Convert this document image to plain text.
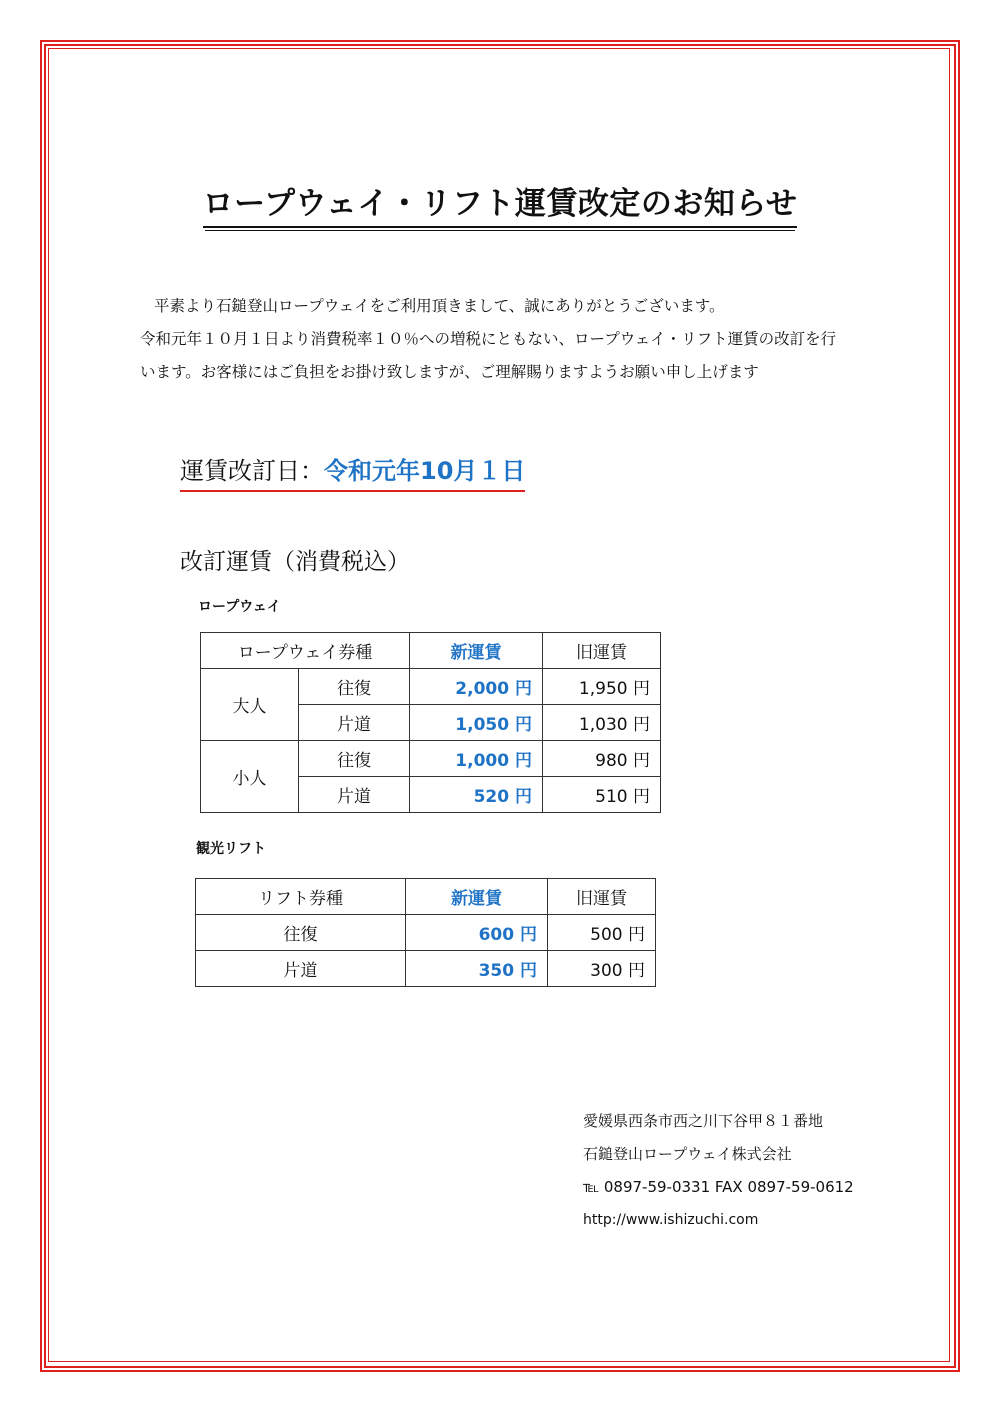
ロープウェイ・リフト運賃改定のお知らせ

平素より石鎚登山ロープウェイをご利用頂きまして、誠にありがとうございます。

令和元年１０月１日より消費税率１０％への増税にともない、ロープウェイ・リフト運賃の改訂を行

います。お客様にはご負担をお掛け致しますが、ご理解賜りますようお願い申し上げます

運賃改訂日：令和元年10月１日
改訂運賃（消費税込）
ロープウェイ
ロープウェイ券種		新運賃	旧運賃
大人	往復	2,000 円	1,950 円
	片道	1,050 円	1,030 円
小人	往復	1,000 円	980 円
	片道	520 円	510 円
観光リフト
リフト券種	新運賃	旧運賃
往復	600 円	500 円
片道	350 円	300 円
愛媛県西条市西之川下谷甲８１番地
石鎚登山ロープウェイ株式会社
℡ 0897-59-0331 FAX 0897-59-0612
http://www.ishizuchi.com
